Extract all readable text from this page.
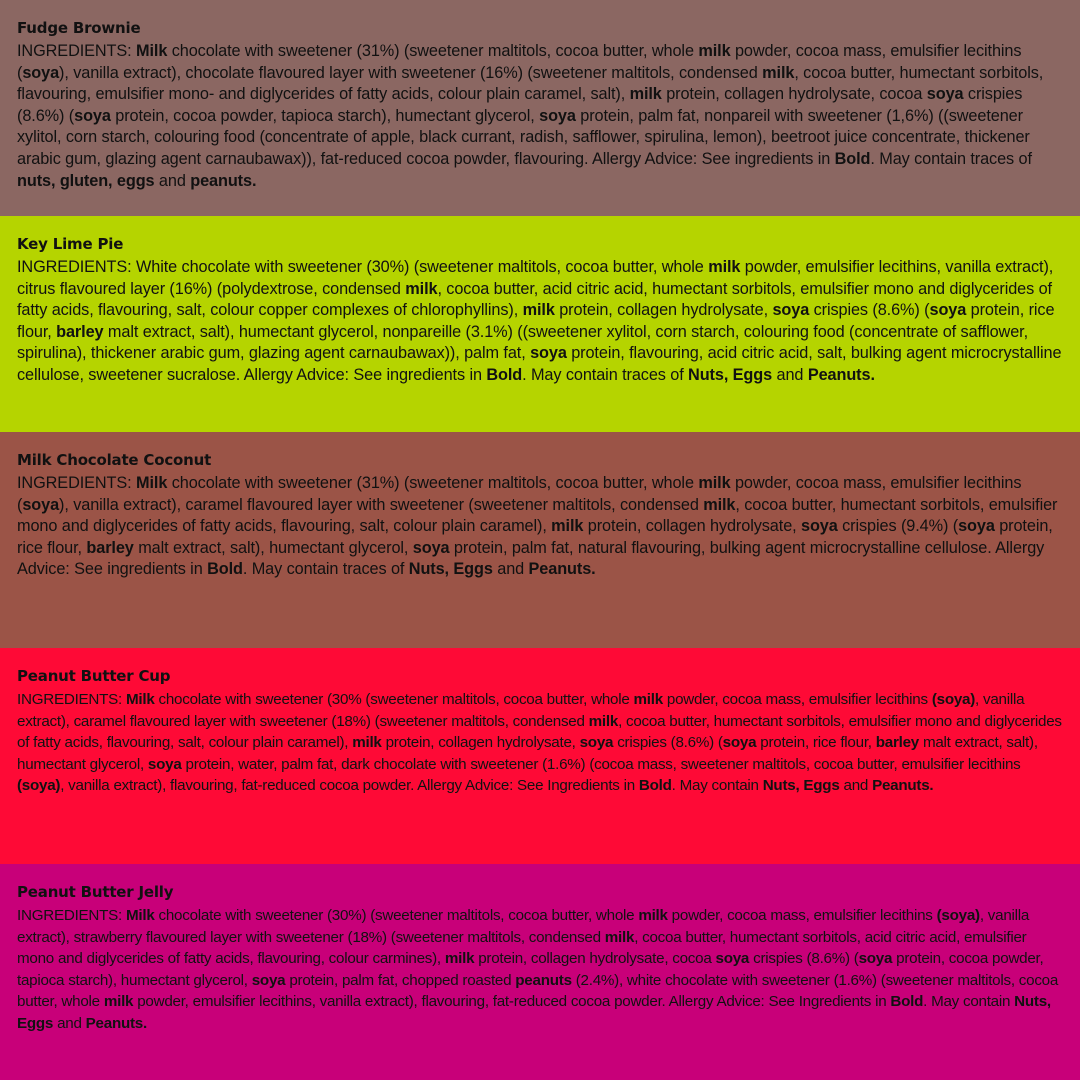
Fudge Brownie
INGREDIENTS: Milk chocolate with sweetener (31%) (sweetener maltitols, cocoa butter, whole milk powder, cocoa mass, emulsifier lecithins (soya), vanilla extract), chocolate flavoured layer with sweetener (16%) (sweetener maltitols, condensed milk, cocoa butter, humectant sorbitols, flavouring, emulsifier mono- and diglycerides of fatty acids, colour plain caramel, salt), milk protein, collagen hydrolysate, cocoa soya crispies (8.6%) (soya protein, cocoa powder, tapioca starch), humectant glycerol, soya protein, palm fat, nonpareil with sweetener (1,6%) ((sweetener xylitol, corn starch, colouring food (concentrate of apple, black currant, radish, safflower, spirulina, lemon), beetroot juice concentrate, thickener arabic gum, glazing agent carnaubawax)), fat-reduced cocoa powder, flavouring. Allergy Advice: See ingredients in Bold. May contain traces of nuts, gluten, eggs and peanuts.
Key Lime Pie
INGREDIENTS: White chocolate with sweetener (30%) (sweetener maltitols, cocoa butter, whole milk powder, emulsifier lecithins, vanilla extract), citrus flavoured layer (16%) (polydextrose, condensed milk, cocoa butter, acid citric acid, humectant sorbitols, emulsifier mono and diglycerides of fatty acids, flavouring, salt, colour copper complexes of chlorophyllins), milk protein, collagen hydrolysate, soya crispies (8.6%) (soya protein, rice flour, barley malt extract, salt), humectant glycerol, nonpareille (3.1%) ((sweetener xylitol, corn starch, colouring food (concentrate of safflower, spirulina), thickener arabic gum, glazing agent carnaubawax)), palm fat, soya protein, flavouring, acid citric acid, salt, bulking agent microcrystalline cellulose, sweetener sucralose. Allergy Advice: See ingredients in Bold. May contain traces of Nuts, Eggs and Peanuts.
Milk Chocolate Coconut
INGREDIENTS: Milk chocolate with sweetener (31%) (sweetener maltitols, cocoa butter, whole milk powder, cocoa mass, emulsifier lecithins (soya), vanilla extract), caramel flavoured layer with sweetener (sweetener maltitols, condensed milk, cocoa butter, humectant sorbitols, emulsifier mono and diglycerides of fatty acids, flavouring, salt, colour plain caramel), milk protein, collagen hydrolysate, soya crispies (9.4%) (soya protein, rice flour, barley malt extract, salt), humectant glycerol, soya protein, palm fat, natural flavouring, bulking agent microcrystalline cellulose. Allergy Advice: See ingredients in Bold. May contain traces of Nuts, Eggs and Peanuts.
Peanut Butter Cup
INGREDIENTS: Milk chocolate with sweetener (30% (sweetener maltitols, cocoa butter, whole milk powder, cocoa mass, emulsifier lecithins (soya), vanilla extract), caramel flavoured layer with sweetener (18%) (sweetener maltitols, condensed milk, cocoa butter, humectant sorbitols, emulsifier mono and diglycerides of fatty acids, flavouring, salt, colour plain caramel), milk protein, collagen hydrolysate, soya crispies (8.6%) (soya protein, rice flour, barley malt extract, salt), humectant glycerol, soya protein, water, palm fat, dark chocolate with sweetener (1.6%) (cocoa mass, sweetener maltitols, cocoa butter, emulsifier lecithins (soya), vanilla extract), flavouring, fat-reduced cocoa powder. Allergy Advice: See Ingredients in Bold. May contain Nuts, Eggs and Peanuts.
Peanut Butter Jelly
INGREDIENTS: Milk chocolate with sweetener (30%) (sweetener maltitols, cocoa butter, whole milk powder, cocoa mass, emulsifier lecithins (soya), vanilla extract), strawberry flavoured layer with sweetener (18%) (sweetener maltitols, condensed milk, cocoa butter, humectant sorbitols, acid citric acid, emulsifier mono and diglycerides of fatty acids, flavouring, colour carmines), milk protein, collagen hydrolysate, cocoa soya crispies (8.6%) (soya protein, cocoa powder, tapioca starch), humectant glycerol, soya protein, palm fat, chopped roasted peanuts (2.4%), white chocolate with sweetener (1.6%) (sweetener maltitols, cocoa butter, whole milk powder, emulsifier lecithins, vanilla extract), flavouring, fat-reduced cocoa powder. Allergy Advice: See Ingredients in Bold. May contain Nuts, Eggs and Peanuts.
